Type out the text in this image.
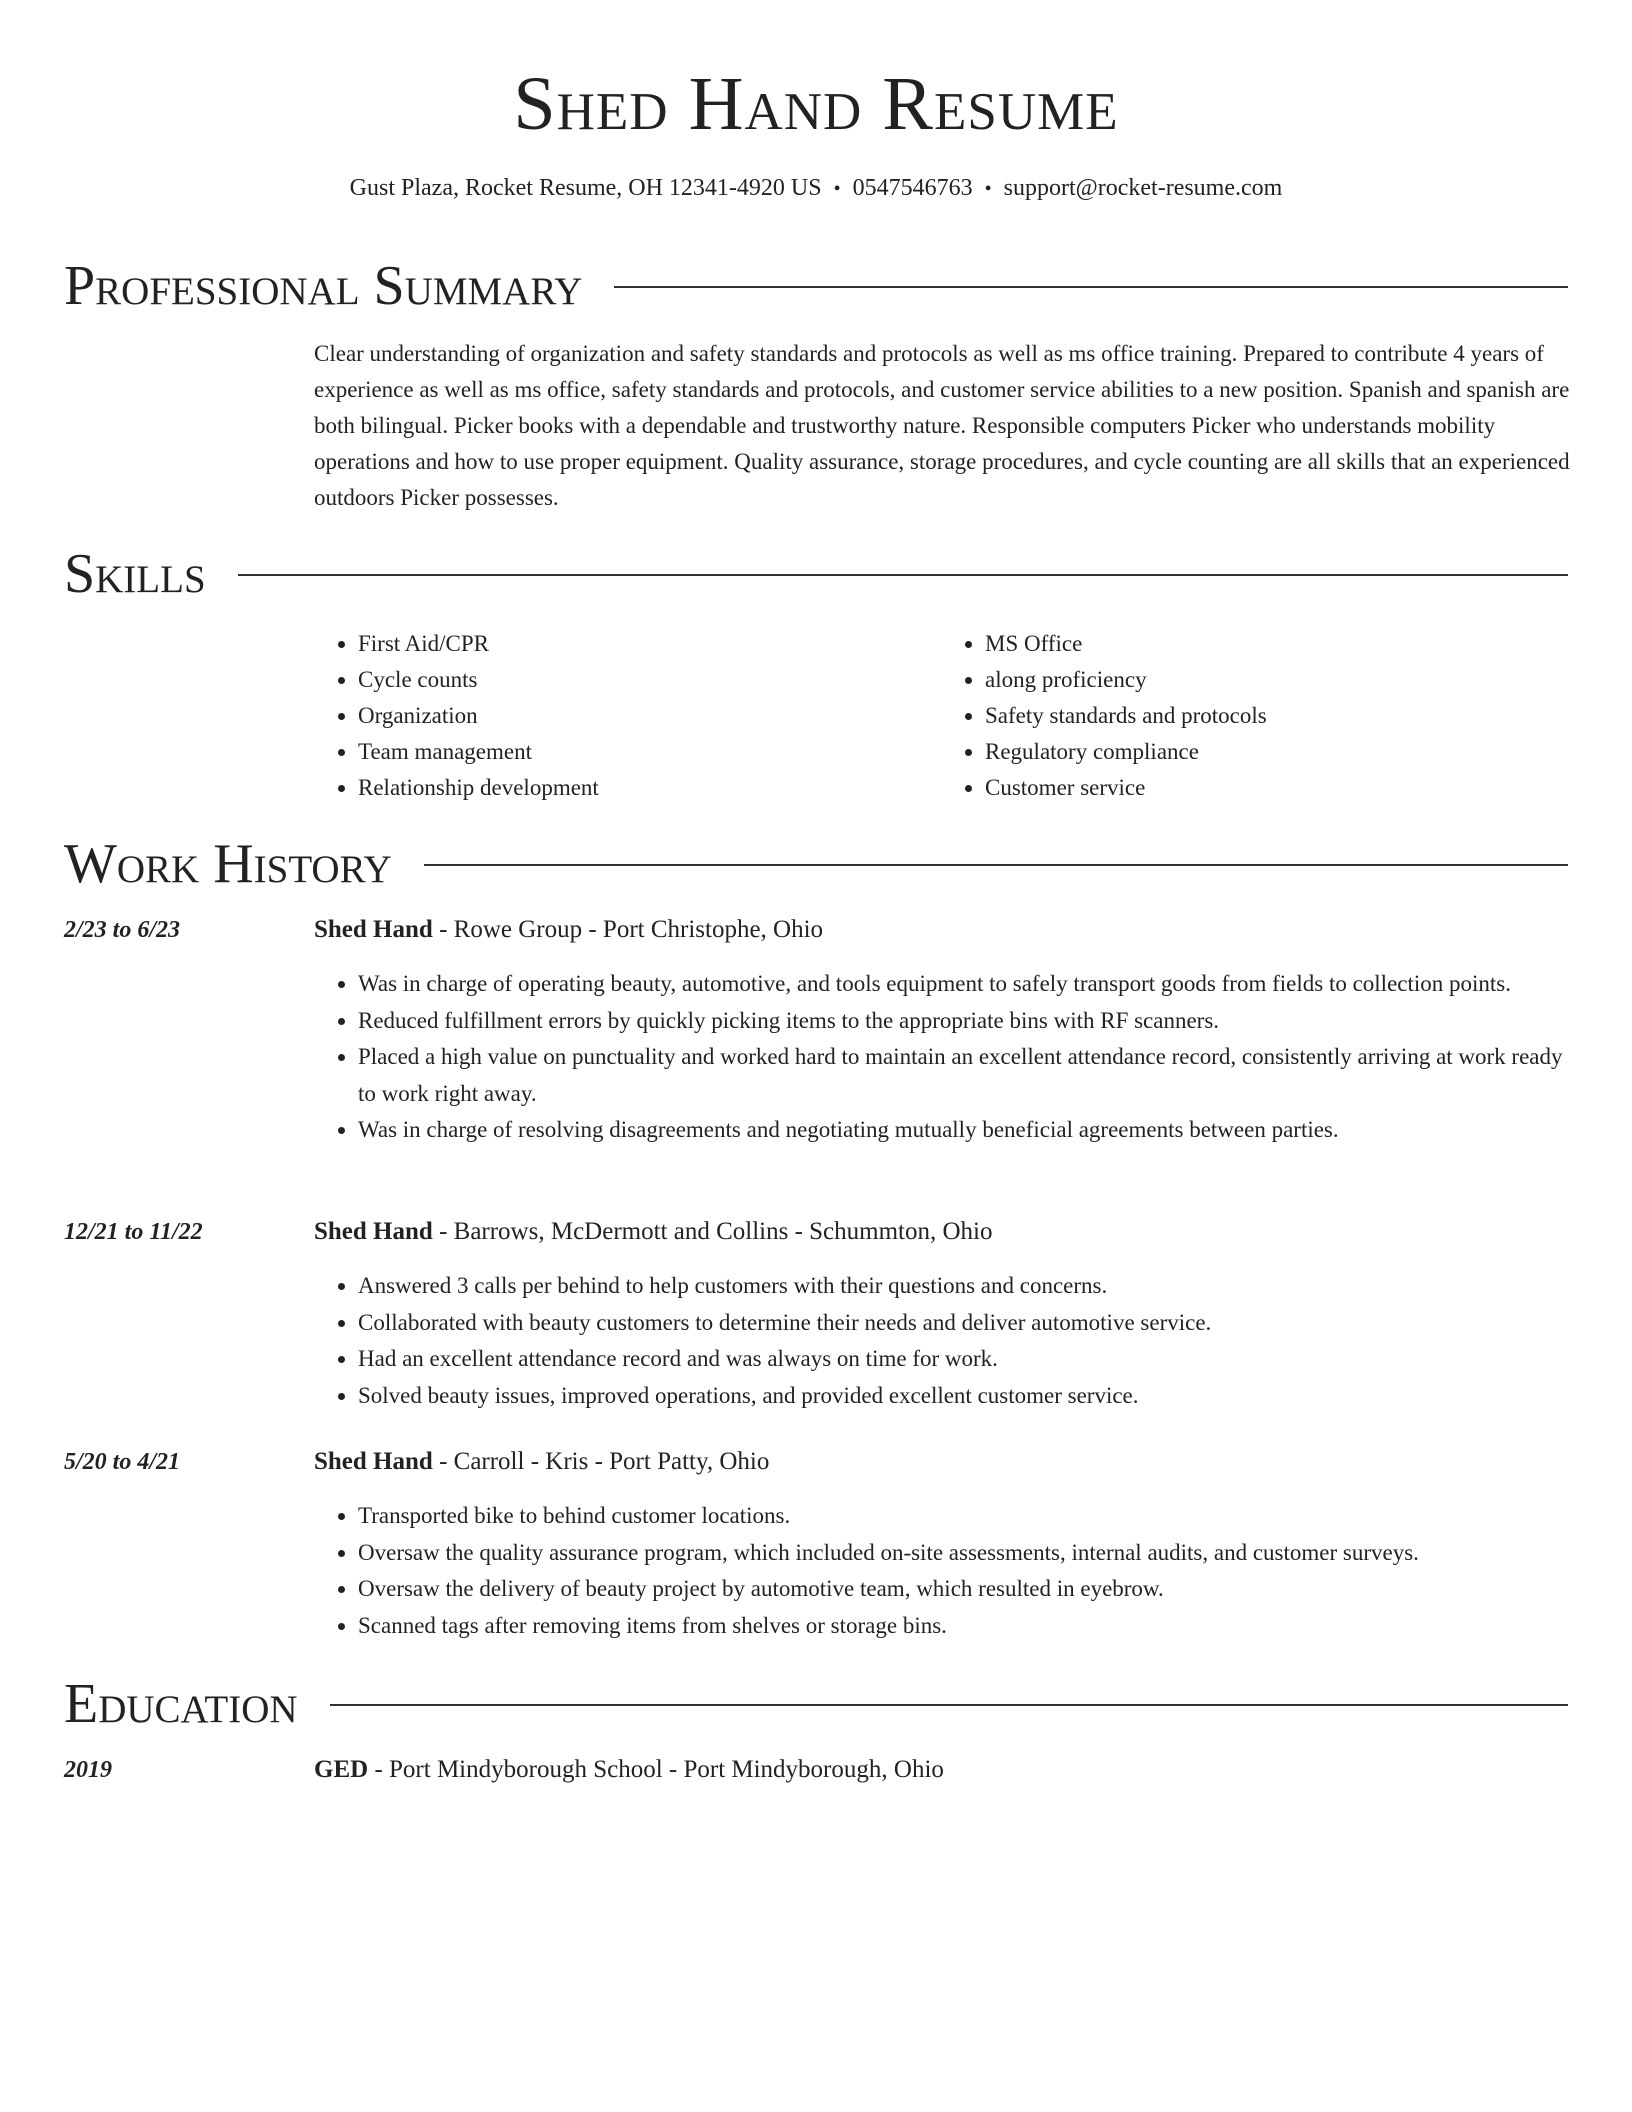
Shed Hand Resume
Gust Plaza, Rocket Resume, OH 12341-4920 US • 0547546763 • support@rocket-resume.com
Professional Summary

Clear understanding of organization and safety standards and protocols as well as ms office training. Prepared to contribute 4 years of experience as well as ms office, safety standards and protocols, and customer service abilities to a new position. Spanish and spanish are both bilingual. Picker books with a dependable and trustworthy nature. Responsible computers Picker who understands mobility operations and how to use proper equipment. Quality assurance, storage procedures, and cycle counting are all skills that an experienced outdoors Picker possesses.

Skills
• First Aid/CPR
• Cycle counts
• Organization
• Team management
• Relationship development
• MS Office
• along proficiency
• Safety standards and protocols
• Regulatory compliance
• Customer service
Work History
2/23 to 6/23	Shed Hand - Rowe Group - Port Christophe, Ohio
• Was in charge of operating beauty, automotive, and tools equipment to safely transport goods from fields to collection points.
• Reduced fulfillment errors by quickly picking items to the appropriate bins with RF scanners.
• Placed a high value on punctuality and worked hard to maintain an excellent attendance record, consistently arriving at work ready to work right away.
• Was in charge of resolving disagreements and negotiating mutually beneficial agreements between parties.
12/21 to 11/22	Shed Hand - Barrows, McDermott and Collins - Schummton, Ohio
• Answered 3 calls per behind to help customers with their questions and concerns.
• Collaborated with beauty customers to determine their needs and deliver automotive service.
• Had an excellent attendance record and was always on time for work.
• Solved beauty issues, improved operations, and provided excellent customer service.
5/20 to 4/21	Shed Hand - Carroll - Kris - Port Patty, Ohio
• Transported bike to behind customer locations.
• Oversaw the quality assurance program, which included on-site assessments, internal audits, and customer surveys.
• Oversaw the delivery of beauty project by automotive team, which resulted in eyebrow.
• Scanned tags after removing items from shelves or storage bins.
Education
2019	GED - Port Mindyborough School - Port Mindyborough, Ohio
